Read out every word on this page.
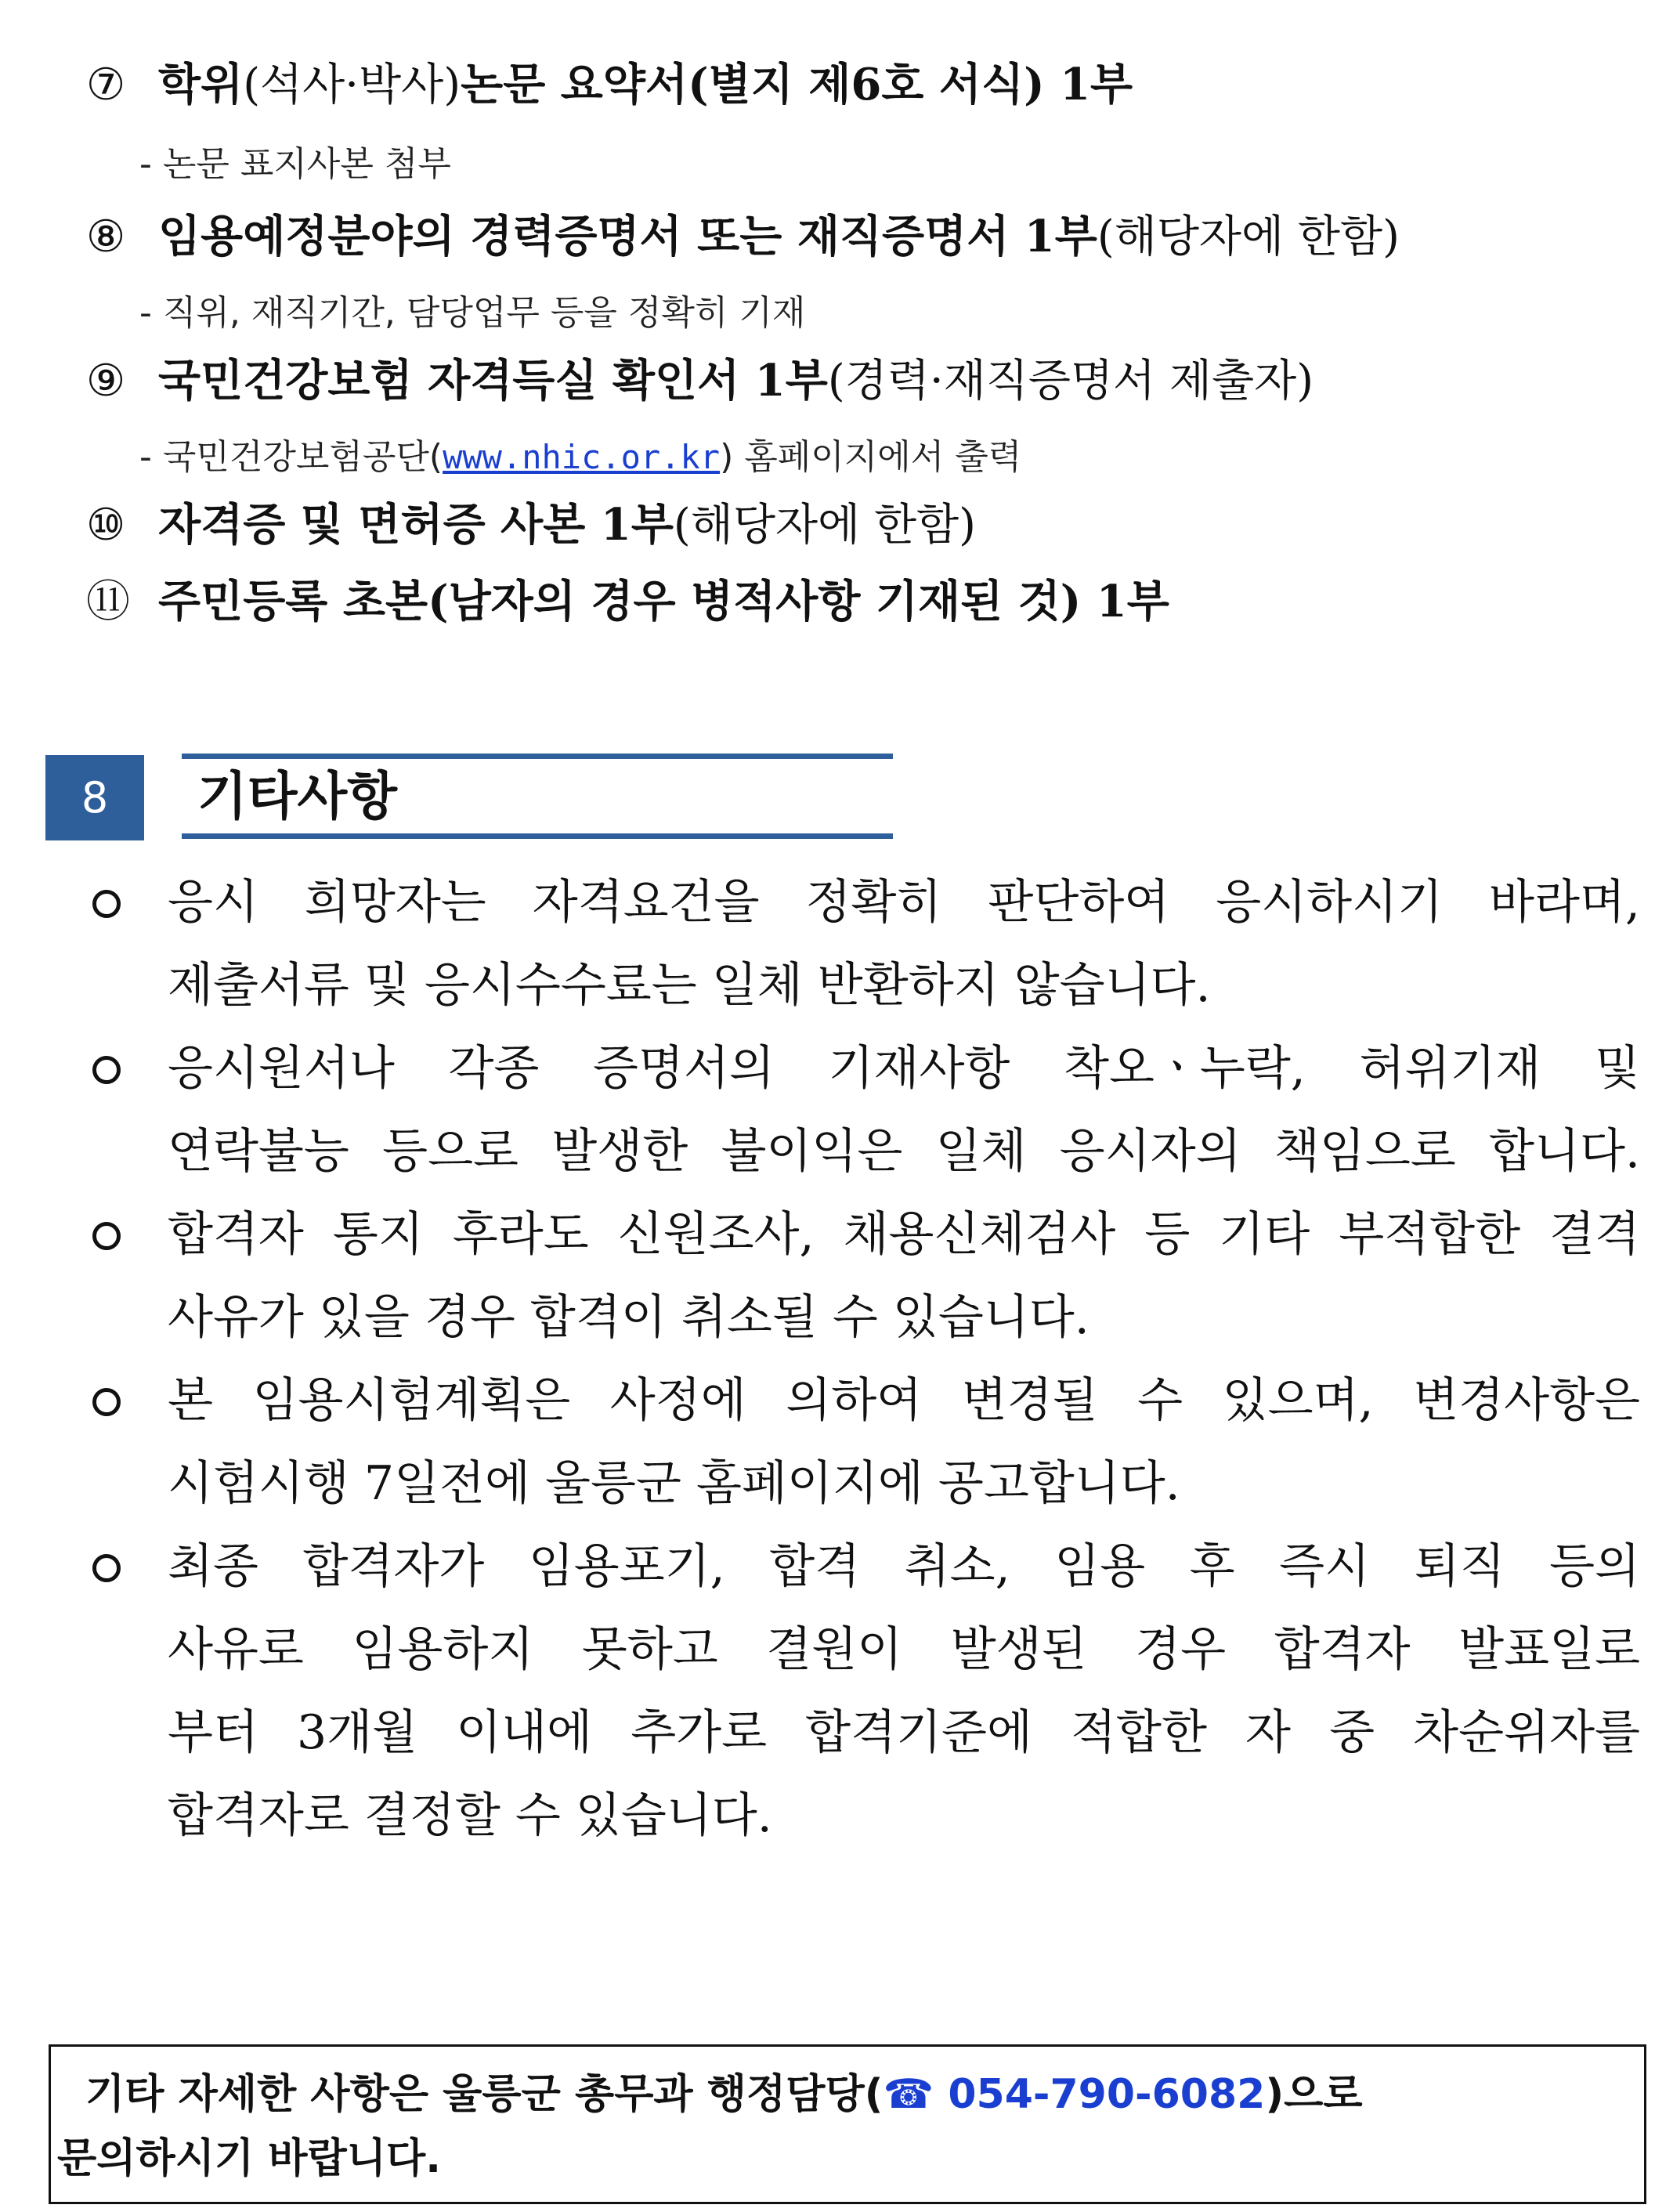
⑦ 학위(석사·박사)논문 요약서(별지 제6호 서식) 1부
- 논문 표지사본 첨부
⑧ 임용예정분야의 경력증명서 또는 재직증명서 1부(해당자에 한함)
- 직위, 재직기간, 담당업무 등을 정확히 기재
⑨ 국민건강보험 자격득실 확인서 1부(경력·재직증명서 제출자)
- 국민건강보험공단(www.nhic.or.kr) 홈페이지에서 출력
⑩ 자격증 및 면허증 사본 1부(해당자에 한함)
⑪ 주민등록 초본(남자의 경우 병적사항 기재된 것) 1부
8	기타사항
응시 희망자는 자격요건을 정확히 판단하여 응시하시기 바라며,
제출서류 및 응시수수료는 일체 반환하지 않습니다.
응시원서나 각종 증명서의 기재사항 착오ㆍ누락, 허위기재 및
연락불능 등으로 발생한 불이익은 일체 응시자의 책임으로 합니다.
합격자 통지 후라도 신원조사, 채용신체검사 등 기타 부적합한 결격
사유가 있을 경우 합격이 취소될 수 있습니다.
본 임용시험계획은 사정에 의하여 변경될 수 있으며, 변경사항은
시험시행 7일전에 울릉군 홈페이지에 공고합니다.
최종 합격자가 임용포기, 합격 취소, 임용 후 즉시 퇴직 등의
사유로 임용하지 못하고 결원이 발생된 경우 합격자 발표일로
부터 3개월 이내에 추가로 합격기준에 적합한 자 중 차순위자를
합격자로 결정할 수 있습니다.
기타 자세한 사항은 울릉군 총무과 행정담당(☎ 054-790-6082)으로
문의하시기 바랍니다.
